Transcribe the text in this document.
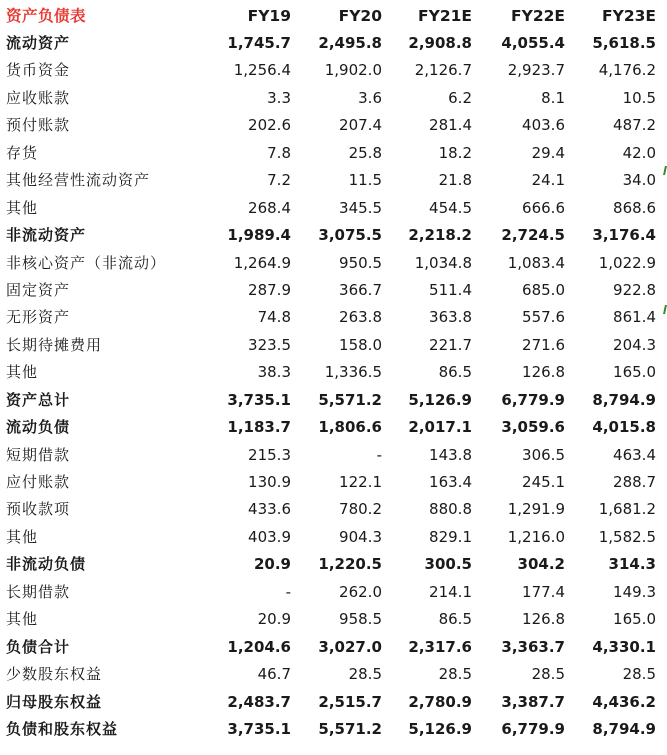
资产负债表	FY19	FY20 FY21E	FY22E FY23E
流动资产	1,745.7 2,495.8 2,908.8 4,055.4 5,618.5
货币资金	1,256.4 1,902.0 2,126.7 2,923.7 4,176.2
应收账款	3.3	3.6	6.2	8.1	10.5
预付账款	202.6	207.4	281.4	403.6	487.2
存货	7.8	25.8	18.2	29.4	42.0
其他经营性流动资产	7.2	11.5	21.8	24.1	34.0
其他	268.4	345.5	454.5	666.6	868.6
非流动资产	1,989.4 3,075.5 2,218.2 2,724.5 3,176.4
非核心资产（非流动）	1,264.9	950.5 1,034.8 1,083.4 1,022.9
固定资产	287.9	366.7	511.4	685.0	922.8
无形资产	74.8	263.8	363.8	557.6	861.4
长期待摊费用	323.5	158.0	221.7	271.6	204.3
其他	38.3 1,336.5	86.5	126.8	165.0
资产总计	3,735.1 5,571.2 5,126.9 6,779.9 8,794.9
流动负债	1,183.7 1,806.6 2,017.1 3,059.6 4,015.8
短期借款	215.3	-	143.8	306.5	463.4
应付账款	130.9	122.1	163.4	245.1	288.7
预收款项	433.6	780.2	880.8 1,291.9 1,681.2
其他	403.9	904.3	829.1 1,216.0 1,582.5
非流动负债	20.9 1,220.5	300.5	304.2	314.3
长期借款	-	262.0	214.1	177.4	149.3
其他	20.9	958.5	86.5	126.8	165.0
负债合计	1,204.6 3,027.0 2,317.6 3,363.7 4,330.1
少数股东权益	46.7	28.5	28.5	28.5	28.5
归母股东权益	2,483.7 2,515.7 2,780.9 3,387.7 4,436.2
负债和股东权益	3,735.1 5,571.2 5,126.9 6,779.9 8,794.9
